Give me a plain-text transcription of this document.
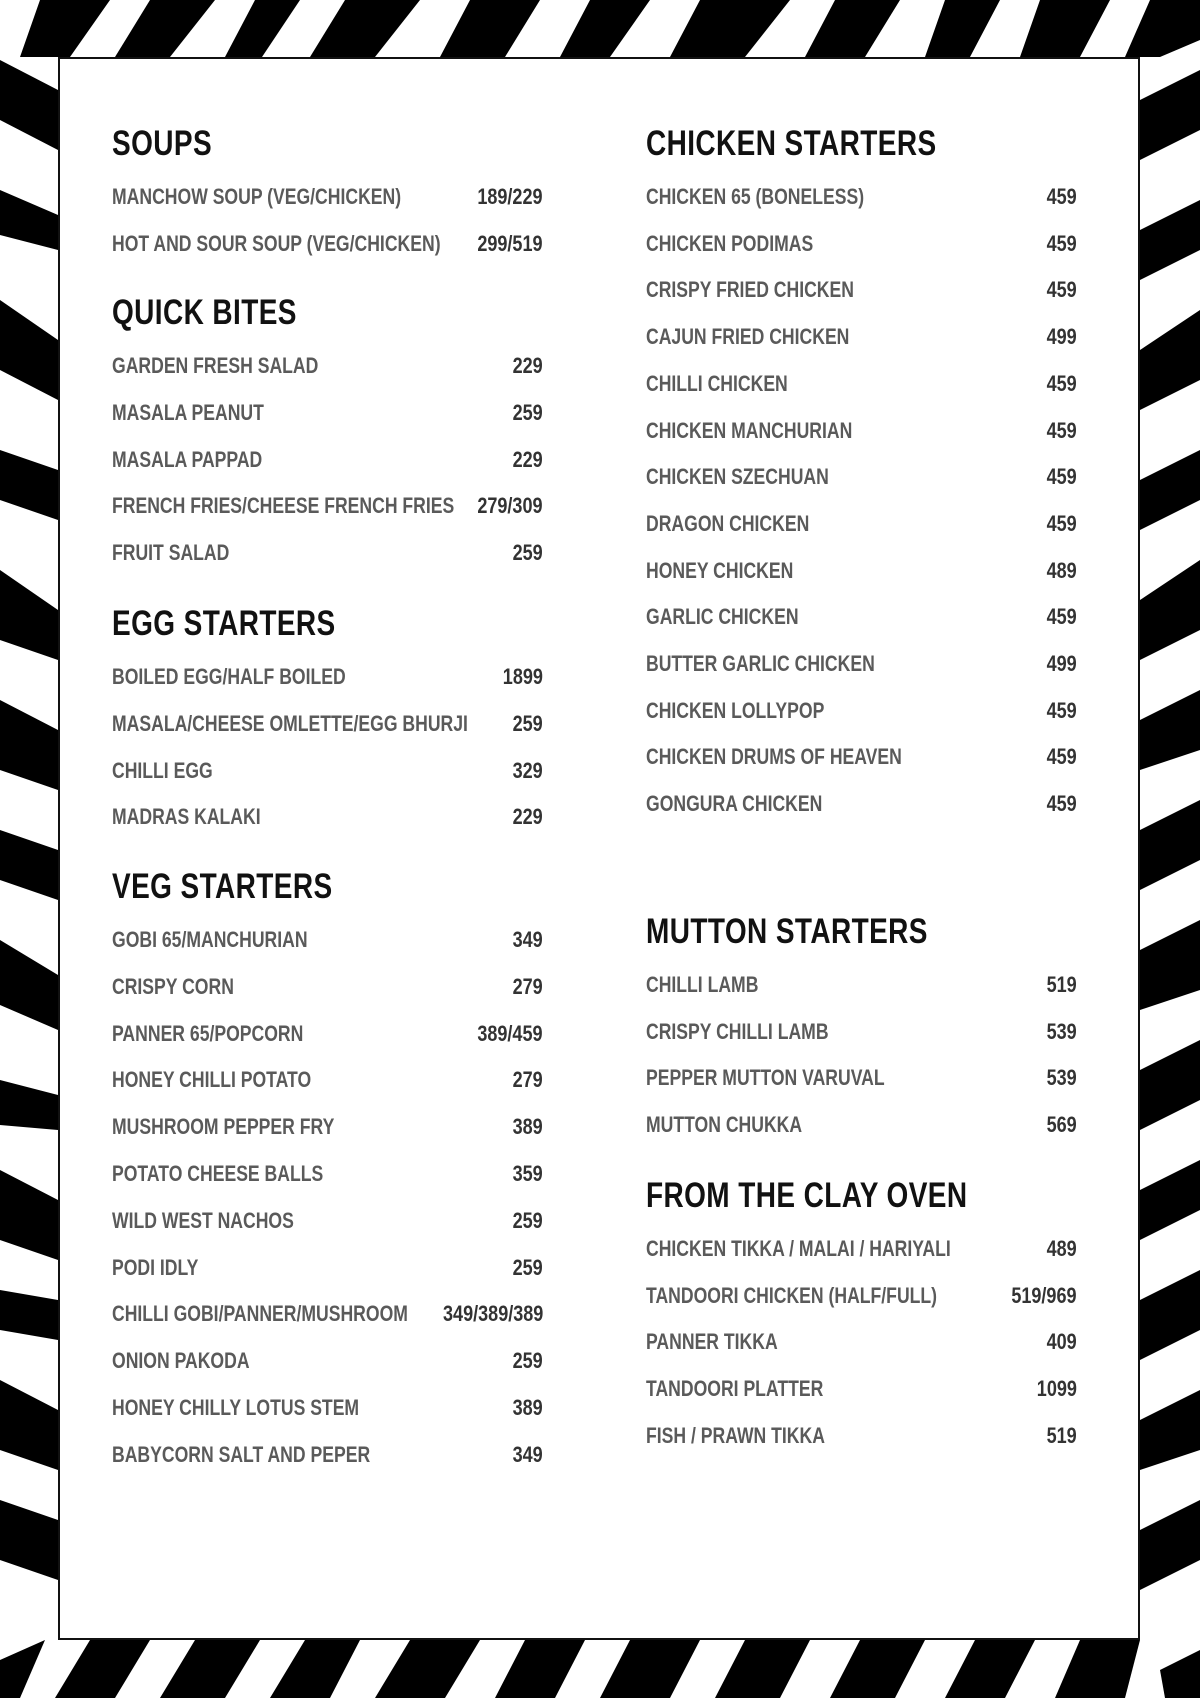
SOUPS
MANCHOW SOUP (VEG/CHICKEN)	189/229
HOT AND SOUR SOUP (VEG/CHICKEN) 299/519
QUICK BITES
GARDEN FRESH SALAD	229
MASALA PEANUT	259
MASALA PAPPAD	229
FRENCH FRIES/CHEESE FRENCH FRIES 279/309
FRUIT SALAD	259
EGG STARTERS
BOILED EGG/HALF BOILED	1899
MASALA/CHEESE OMLETTE/EGG BHURJI 259
CHILLI EGG	329
MADRAS KALAKI	229
VEG STARTERS
GOBI 65/MANCHURIAN	349
CRISPY CORN	279
PANNER 65/POPCORN	389/459
HONEY CHILLI POTATO	279
MUSHROOM PEPPER FRY	389
POTATO CHEESE BALLS	359
WILD WEST NACHOS	259
PODI IDLY	259
CHILLI GOBI/PANNER/MUSHROOM 349/389/389
ONION PAKODA	259
HONEY CHILLY LOTUS STEM	389
BABYCORN SALT AND PEPER	349
CHICKEN STARTERS
CHICKEN 65 (BONELESS)	459
CHICKEN PODIMAS	459
CRISPY FRIED CHICKEN	459
CAJUN FRIED CHICKEN	499
CHILLI CHICKEN	459
CHICKEN MANCHURIAN	459
CHICKEN SZECHUAN	459
DRAGON CHICKEN	459
HONEY CHICKEN	489
GARLIC CHICKEN	459
BUTTER GARLIC CHICKEN	499
CHICKEN LOLLYPOP	459
CHICKEN DRUMS OF HEAVEN	459
GONGURA CHICKEN	459
MUTTON STARTERS
CHILLI LAMB	519
CRISPY CHILLI LAMB	539
PEPPER MUTTON VARUVAL	539
MUTTON CHUKKA	569
FROM THE CLAY OVEN
CHICKEN TIKKA / MALAI / HARIYALI	489
TANDOORI CHICKEN (HALF/FULL)	519/969
PANNER TIKKA	409
TANDOORI PLATTER	1099
FISH / PRAWN TIKKA	519
